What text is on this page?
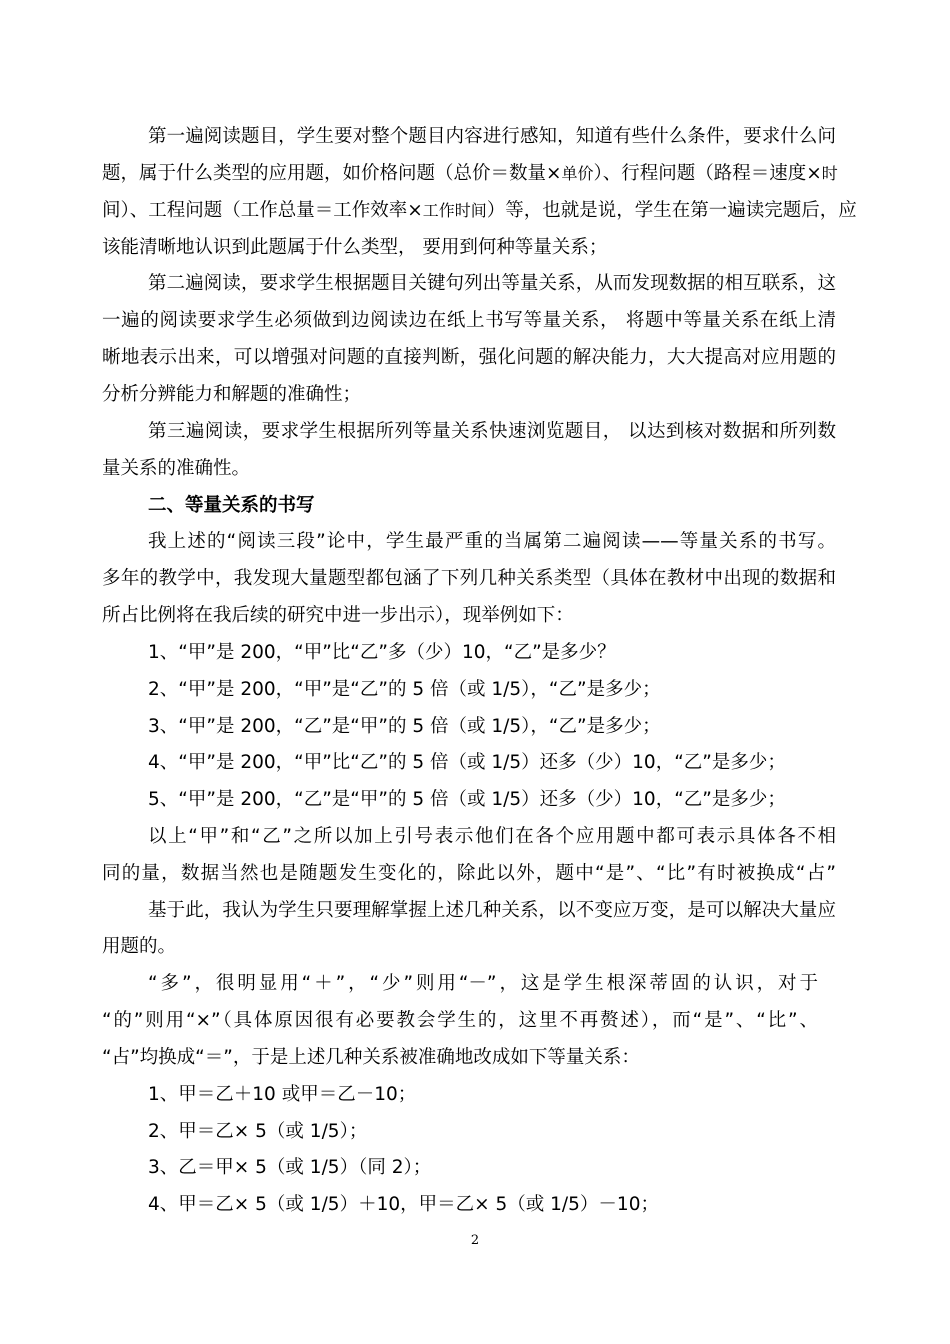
第一遍阅读题目，学生要对整个题目内容进行感知，知道有些什么条件，要求什么问
题，属于什么类型的应用题，如价格问题（总价＝数量×单价）、行程问题（路程＝速度×时
间）、工程问题（工作总量＝工作效率×工作时间）等，也就是说，学生在第一遍读完题后，应
该能清晰地认识到此题属于什么类型， 要用到何种等量关系；
第二遍阅读，要求学生根据题目关键句列出等量关系，从而发现数据的相互联系，这
一遍的阅读要求学生必须做到边阅读边在纸上书写等量关系， 将题中等量关系在纸上清
晰地表示出来，可以增强对问题的直接判断，强化问题的解决能力，大大提高对应用题的
分析分辨能力和解题的准确性；
第三遍阅读，要求学生根据所列等量关系快速浏览题目， 以达到核对数据和所列数
量关系的准确性。
二、等量关系的书写
我上述的“阅读三段”论中，学生最严重的当属第二遍阅读——等量关系的书写。
多年的教学中，我发现大量题型都包涵了下列几种关系类型（具体在教材中出现的数据和
所占比例将在我后续的研究中进一步出示），现举例如下：
1、“甲”是 200，“甲”比“乙”多（少）10，“乙”是多少？
2、“甲”是 200，“甲”是“乙”的 5 倍（或 1/5），“乙”是多少；
3、“甲”是 200，“乙”是“甲”的 5 倍（或 1/5），“乙”是多少；
4、“甲”是 200，“甲”比“乙”的 5 倍（或 1/5）还多（少）10，“乙”是多少；
5、“甲”是 200，“乙”是“甲”的 5 倍（或 1/5）还多（少）10，“乙”是多少；
以上“甲”和“乙”之所以加上引号表示他们在各个应用题中都可表示具体各不相
同的量，数据当然也是随题发生变化的，除此以外，题中“是”、“比”有时被换成“占”
基于此，我认为学生只要理解掌握上述几种关系，以不变应万变，是可以解决大量应
用题的。
“多”，很明显用“＋”，“少”则用“－”，这是学生根深蒂固的认识，对于
“的”则用“×”（具体原因很有必要教会学生的，这里不再赘述），而“是”、“比”、
“占”均换成“＝”，于是上述几种关系被准确地改成如下等量关系：
1、甲＝乙＋10 或甲＝乙－10；
2、甲＝乙× 5（或 1/5）；
3、乙＝甲× 5（或 1/5）（同 2）；
4、甲＝乙× 5（或 1/5）＋10，甲＝乙× 5（或 1/5）－10；
2
